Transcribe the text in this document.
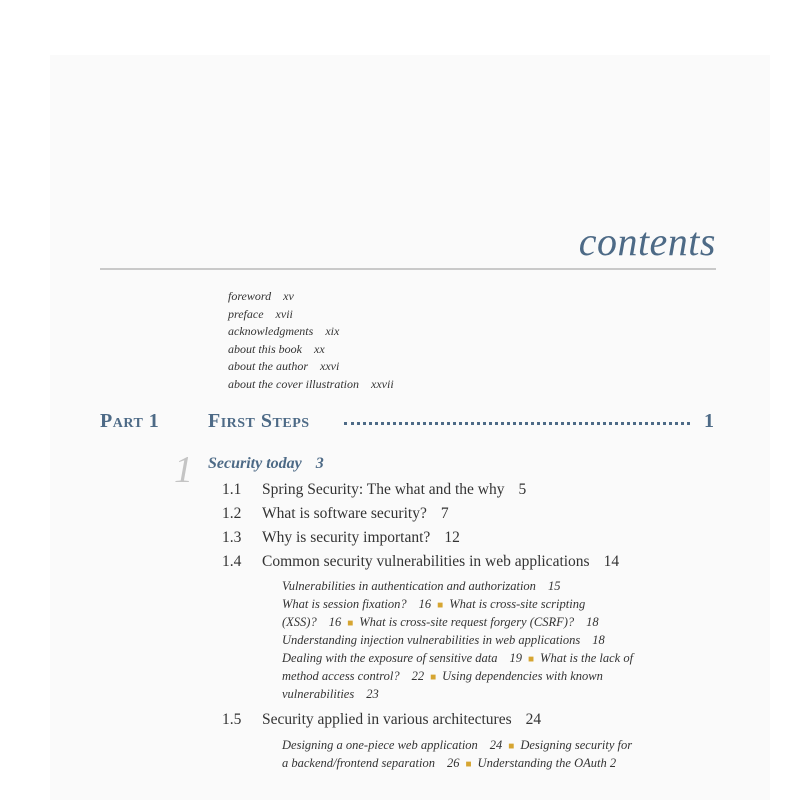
contents
foreword xv
preface xvii
acknowledgments xix
about this book xx
about the author xxvi
about the cover illustration xxvii
Part 1 First Steps	1
1 Security today 3
1.1 Spring Security: The what and the why 5
1.2 What is software security? 7
1.3 Why is security important? 12
1.4 Common security vulnerabilities in web applications 14
Vulnerabilities in authentication and authorization 15
What is session fixation? 16 ■ What is cross-site scripting
(XSS)? 16 ■ What is cross-site request forgery (CSRF)? 18
Understanding injection vulnerabilities in web applications 18
Dealing with the exposure of sensitive data 19 ■ What is the lack of
method access control? 22 ■ Using dependencies with known
vulnerabilities 23
1.5 Security applied in various architectures 24
Designing a one-piece web application 24 ■ Designing security for
a backend/frontend separation 26 ■ Understanding the OAuth 2
